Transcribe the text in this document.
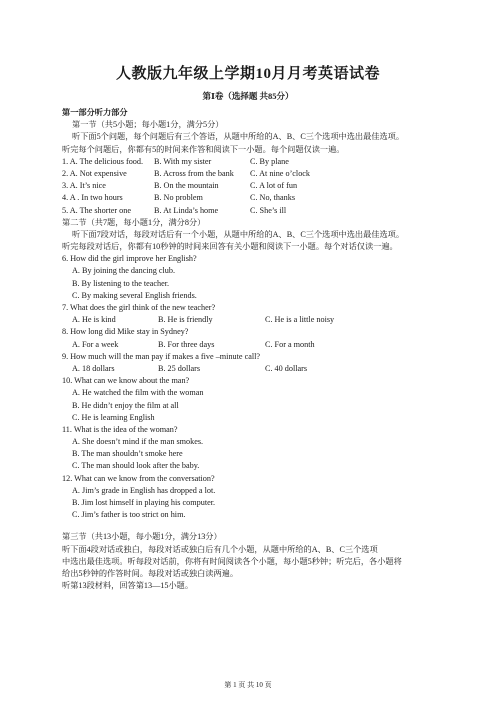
人教版九年级上学期10月月考英语试卷
第Ⅰ卷（选择题 共85分）
第一部分听力部分
第一节（共5小题；每小题1分，满分5分）
听下面5个问题，每个问题后有三个答语，从题中所给的A、B、C三个选项中选出最佳选项。
听完每个问题后，你都有5的时间来作答和阅读下一小题。每个问题仅读一遍。
1. A. The delicious food.	B. With my sister	C. By plane
2. A. Not expensive	B. Across from the bank	C. At nine o’clock
3. A. It’s nice	B. On the mountain	C. A lot of fun
4. A . In two hours	B. No problem	C. No, thanks
5. A. The shorter one	B. At Linda’s home	C. She’s ill
第二节（共7题，每小题1分，满分8分）
听下面7段对话，每段对话后有一个小题，从题中所给的A、B、C三个选项中选出最佳选项。
听完每段对话后，你都有10秒钟的时间来回答有关小题和阅读下一小题。每个对话仅读一遍。
6. How did the girl improve her English?
A. By joining the dancing club.
B. By listening to the teacher.
C. By making several English friends.
7. What does the girl think of the new teacher?
A. He is kind	B. He is friendly	C. He is a little noisy
8. How long did Mike stay in Sydney?
A. For a week	B. For three days	C. For a month
9. How much will the man pay if makes a five –minute call?
A. 18 dollars	B. 25 dollars	C. 40 dollars
10. What can we know about the man?
A. He watched the film with the woman
B. He didn’t enjoy the film at all
C. He is learning English
11. What is the idea of the woman?
A. She doesn’t mind if the man smokes.
B. The man shouldn’t smoke here
C. The man should look after the baby.
12. What can we know from the conversation?
A. Jim’s grade in English has dropped a lot.
B. Jim lost himself in playing his computer.
C. Jim’s father is too strict on him.
第三节（共13小题，每小题1分，满分13分）
听下面4段对话或独白，每段对话或独白后有几个小题，从题中所给的A、B、C三个选项
中选出最佳选项。听每段对话前，你将有时间阅读各个小题，每小题5秒钟；听完后，各小题将
给出5秒钟的作答时间。每段对话或独白读两遍。
听第13段材料，回答第13—15小题。
第 1 页 共 10 页
